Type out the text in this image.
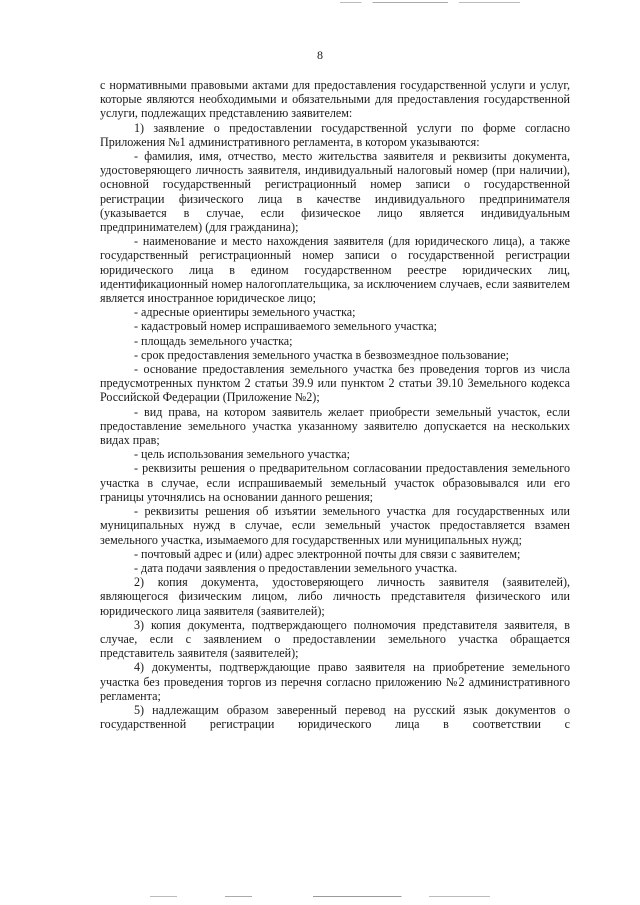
8

с нормативными правовыми актами для предоставления государственной услуги и услуг, которые являются необходимыми и обязательными для предоставления государственной услуги, подлежащих представлению заявителем:

1) заявление о предоставлении государственной услуги по форме согласно Приложения №1 административного регламента, в котором указываются:

- фамилия, имя, отчество, место жительства заявителя и реквизиты документа, удостоверяющего личность заявителя, индивидуальный налоговый номер (при наличии), основной государственный регистрационный номер записи о государственной регистрации физического лица в качестве индивидуального предпринимателя (указывается в случае, если физическое лицо является индивидуальным предпринимателем) (для гражданина);

- наименование и место нахождения заявителя (для юридического лица), а также государственный регистрационный номер записи о государственной регистрации юридического лица в едином государственном реестре юридических лиц, идентификационный номер налогоплательщика, за исключением случаев, если заявителем является иностранное юридическое лицо;

- адресные ориентиры земельного участка;

- кадастровый номер испрашиваемого земельного участка;

- площадь земельного участка;

- срок предоставления земельного участка в безвозмездное пользование;

- основание предоставления земельного участка без проведения торгов из числа предусмотренных пунктом 2 статьи 39.9 или пунктом 2 статьи 39.10 Земельного кодекса Российской Федерации (Приложение №2);

- вид права, на котором заявитель желает приобрести земельный участок, если предоставление земельного участка указанному заявителю допускается на нескольких видах прав;

- цель использования земельного участка;

- реквизиты решения о предварительном согласовании предоставления земельного участка в случае, если испрашиваемый земельный участок образовывался или его границы уточнялись на основании данного решения;

- реквизиты решения об изъятии земельного участка для государственных или муниципальных нужд в случае, если земельный участок предоставляется взамен земельного участка, изымаемого для государственных или муниципальных нужд;

- почтовый адрес и (или) адрес электронной почты для связи с заявителем;

- дата подачи заявления о предоставлении земельного участка.

2) копия документа, удостоверяющего личность заявителя (заявителей), являющегося физическим лицом, либо личность представителя физического или юридического лица заявителя (заявителей);

3) копия документа, подтверждающего полномочия представителя заявителя, в случае, если с заявлением о предоставлении земельного участка обращается представитель заявителя (заявителей);

4) документы, подтверждающие право заявителя на приобретение земельного участка без проведения торгов из перечня согласно приложению №2 административного регламента;

5) надлежащим образом заверенный перевод на русский язык документов о государственной регистрации юридического лица в соответствии с
